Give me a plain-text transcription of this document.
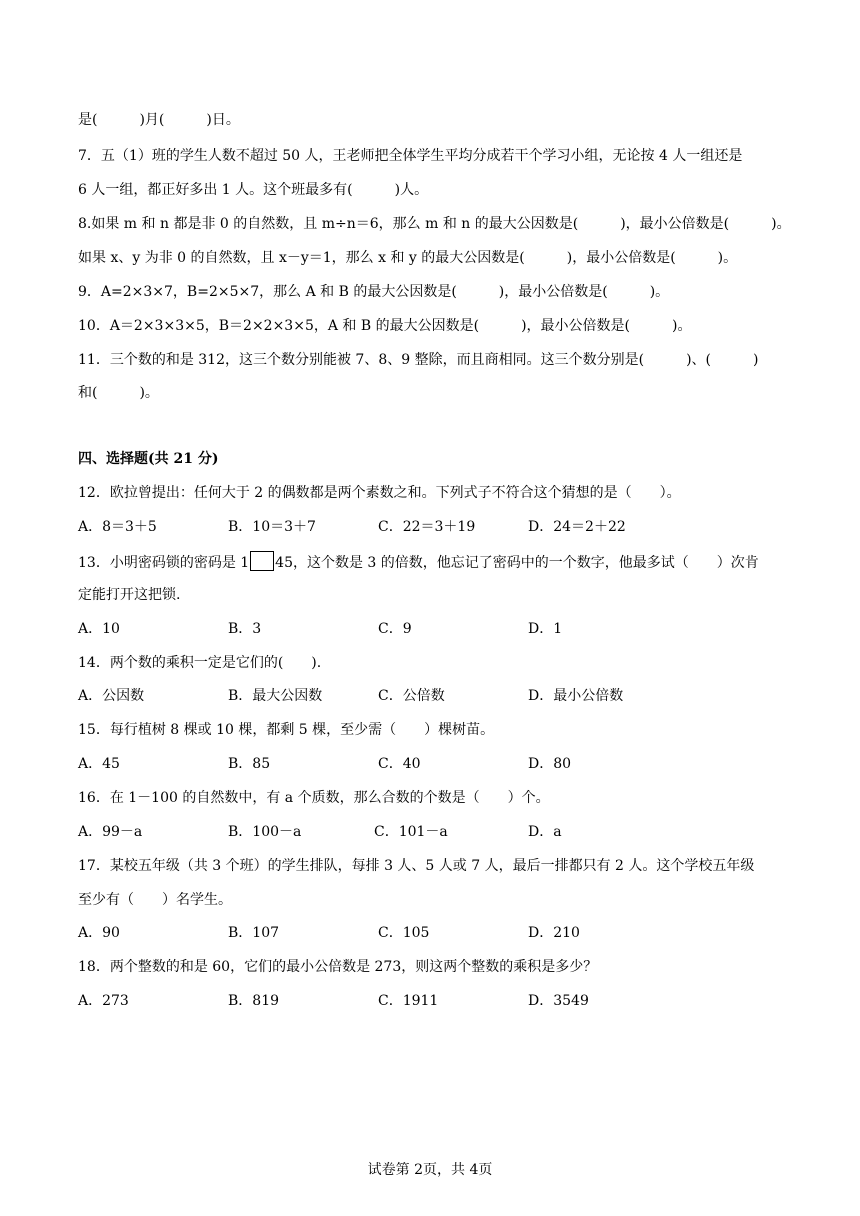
是(　　　)月(　　　)日。
7．五（1）班的学生人数不超过 50 人，王老师把全体学生平均分成若干个学习小组，无论按 4 人一组还是
6 人一组，都正好多出 1 人。这个班最多有(　　　)人。
8.如果 m 和 n 都是非 0 的自然数，且 m÷n＝6，那么 m 和 n 的最大公因数是(　　　)，最小公倍数是(　　　)。
如果 x、y 为非 0 的自然数，且 x－y＝1，那么 x 和 y 的最大公因数是(　　　)，最小公倍数是(　　　)。
9．A=2×3×7，B=2×5×7，那么 A 和 B 的最大公因数是(　　　)，最小公倍数是(　　　)。
10．A＝2×3×3×5，B＝2×2×3×5，A 和 B 的最大公因数是(　　　)，最小公倍数是(　　　)。
11．三个数的和是 312，这三个数分别能被 7、8、9 整除，而且商相同。这三个数分别是(　　　)、(　　　)
和(　　　)。
四、选择题(共 21 分)
12．欧拉曾提出：任何大于 2 的偶数都是两个素数之和。下列式子不符合这个猜想的是（　　）。
A．8＝3＋5	B．10＝3＋7	C．22＝3＋19	D．24＝2＋22
13．小明密码锁的密码是 1 45，这个数是 3 的倍数，他忘记了密码中的一个数字，他最多试（　　）次肯
定能打开这把锁.
A．10	B．3	C．9	D．1
14．两个数的乘积一定是它们的(　　).
A．公因数	B．最大公因数	C．公倍数	D．最小公倍数
15．每行植树 8 棵或 10 棵，都剩 5 棵，至少需（　　）棵树苗。
A．45	B．85	C．40	D．80
16．在 1－100 的自然数中，有 a 个质数，那么合数的个数是（　　）个。
A．99－a	B．100－a	C．101－a	D．a
17．某校五年级（共 3 个班）的学生排队，每排 3 人、5 人或 7 人，最后一排都只有 2 人。这个学校五年级
至少有（　　）名学生。
A．90	B．107	C．105	D．210
18．两个整数的和是 60，它们的最小公倍数是 273，则这两个整数的乘积是多少？
A．273	B．819	C．1911	D．3549
试卷第 2页，共 4页
